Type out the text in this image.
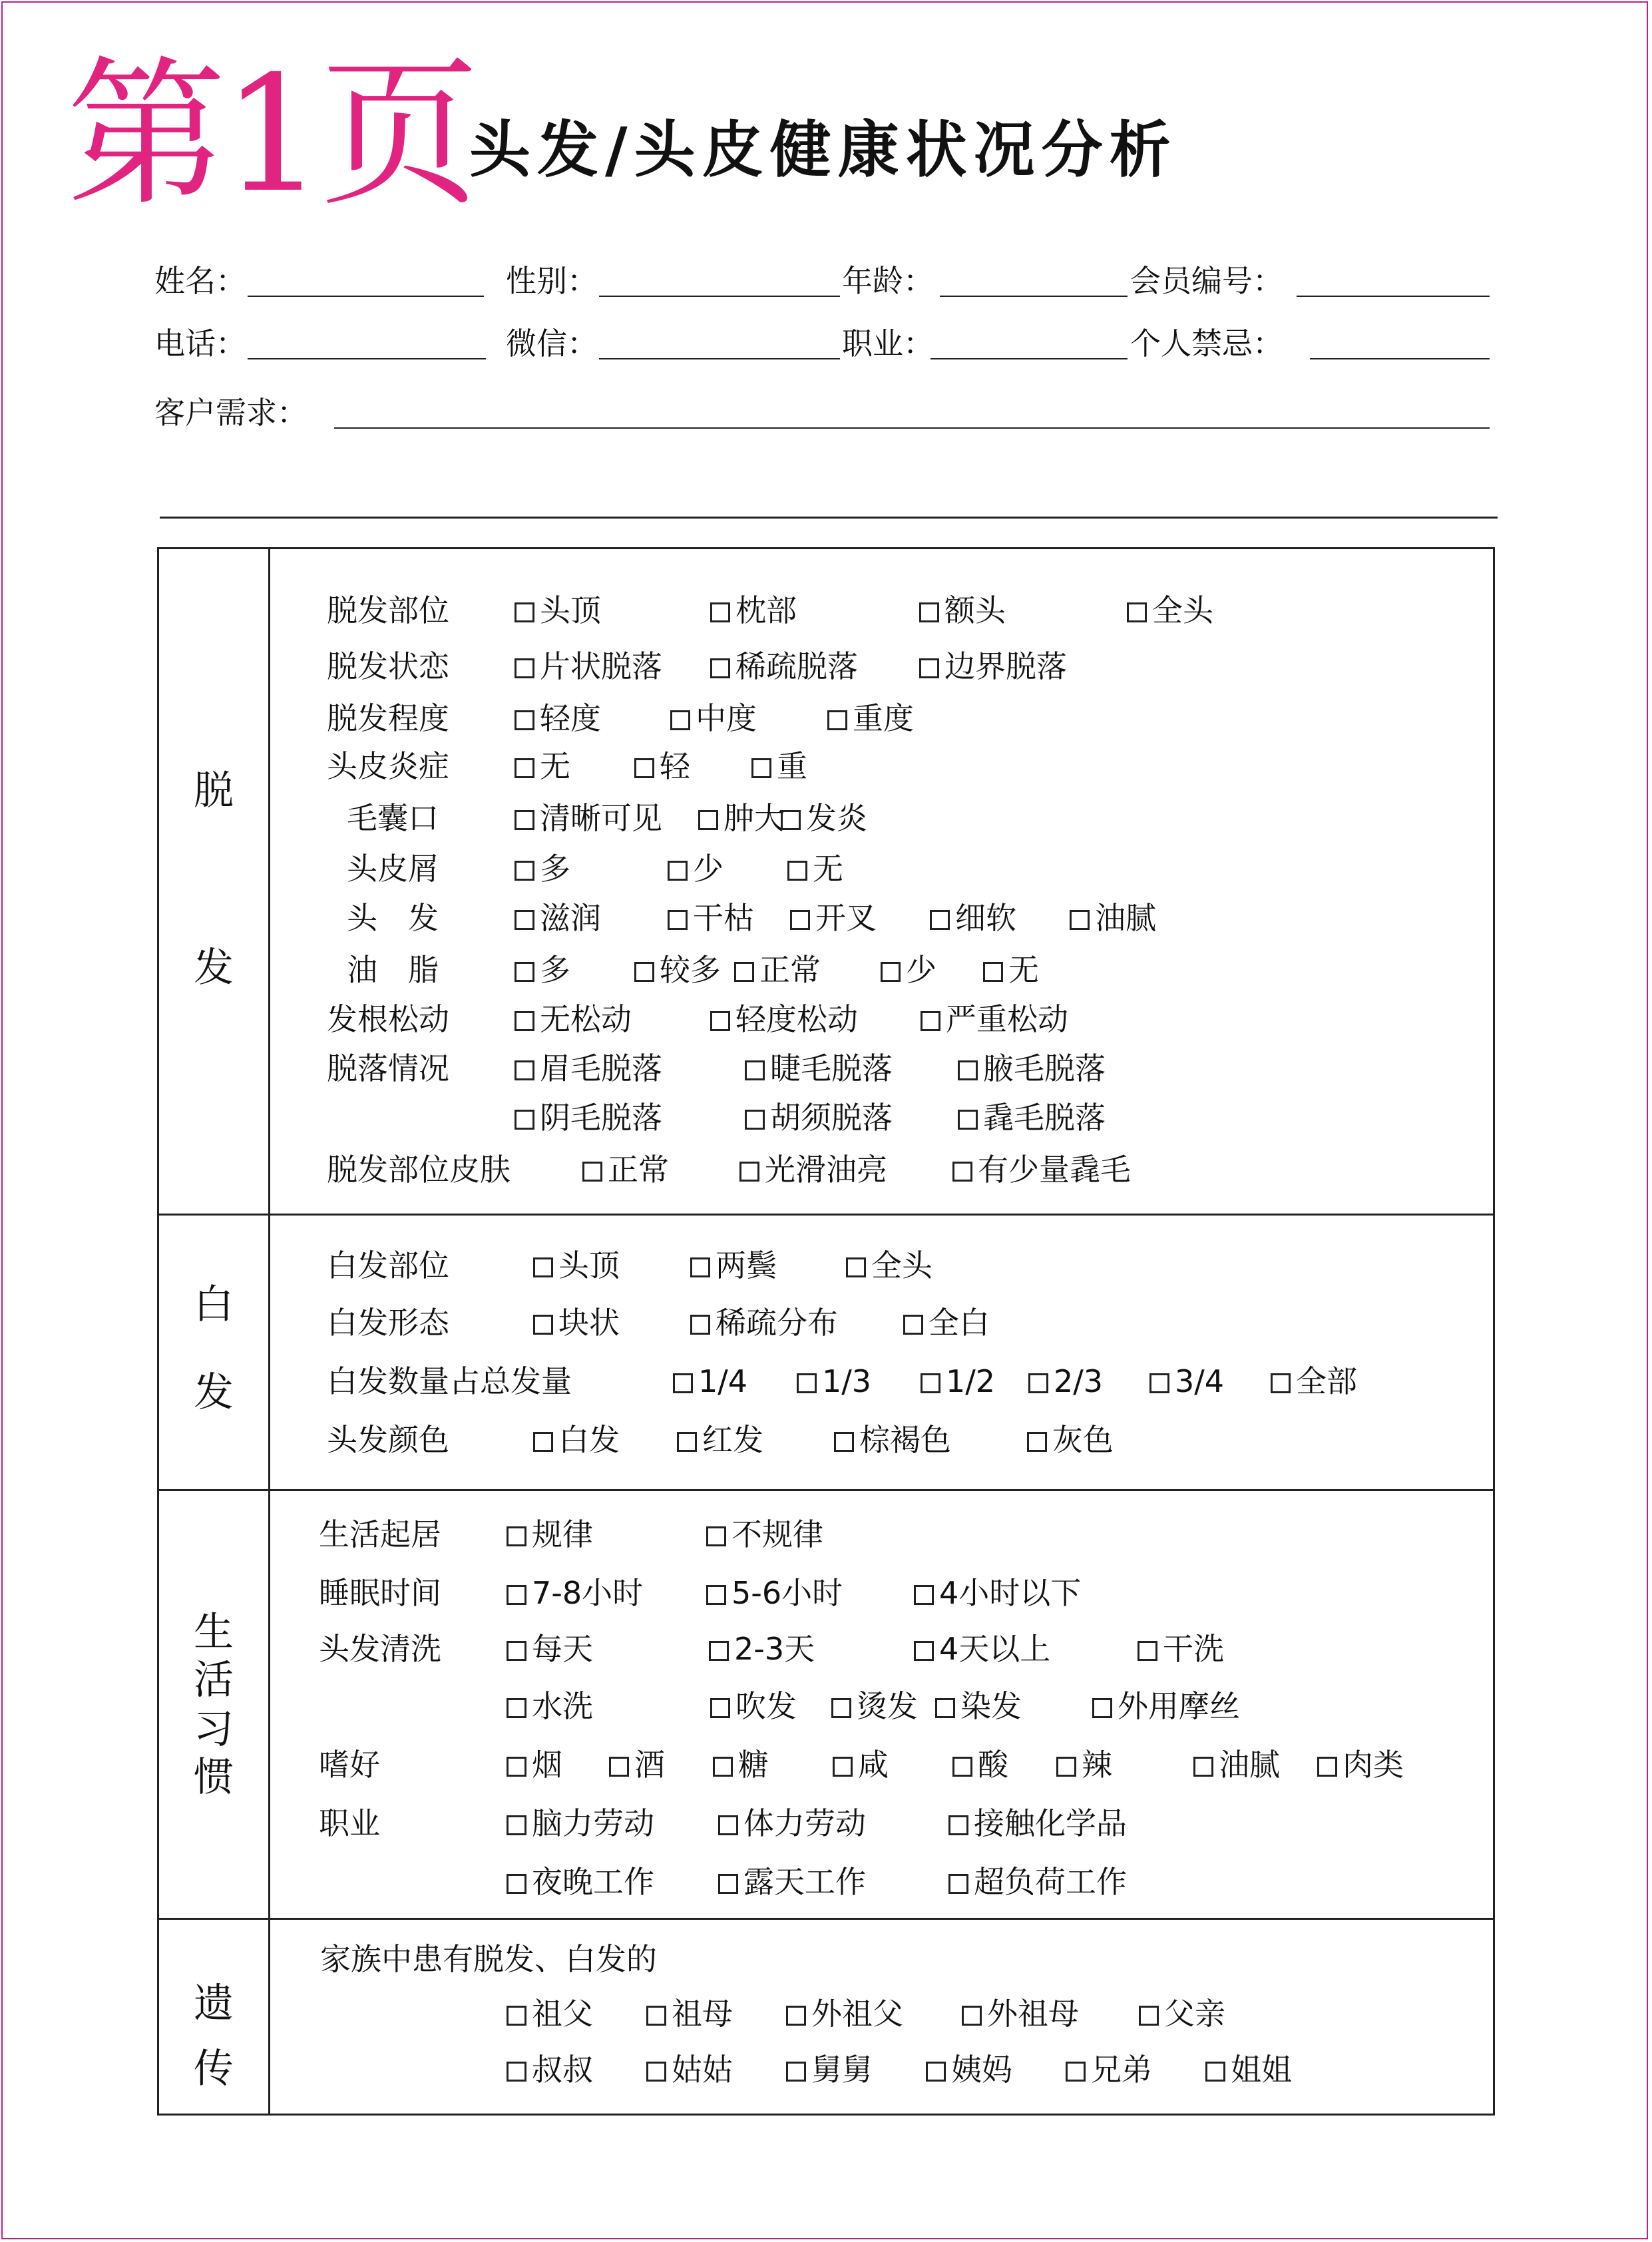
第1页
头发/头皮健康状况分析
姓名：	性别：	年龄：	会员编号：
电话：	微信：	职业：	个人禁忌：
客户需求：
脱
发
脱发部位	头顶	枕部	额头	全头
脱发状恋	片状脱落 稀疏脱落	边界脱落
脱发程度	轻度	中度	重度
头皮炎症	无	轻	重
毛囊口	清晰可见 肿大 发炎
头皮屑	多	少	无
头　发	滋润	干枯 开叉	细软	油腻
油　脂	多	较多 正常	少 无
发根松动	无松动	轻度松动	严重松动
脱落情况	眉毛脱落	睫毛脱落	腋毛脱落
阴毛脱落	胡须脱落	毳毛脱落
脱发部位皮肤	正常	光滑油亮	有少量毳毛
白
发
白发部位	头顶	两鬓	全头
白发形态	块状	稀疏分布	全白
白发数量占总发量	1/4 1/3 1/2 2/3 3/4 全部
头发颜色	白发	红发	棕褐色	灰色
生
活
习
惯
生活起居	规律	不规律
睡眠时间	7-8小时	5-6小时	4小时以下
头发清洗	每天	2-3天	4天以上	干洗
水洗	吹发 烫发 染发	外用摩丝
嗜好	烟 酒 糖	咸	酸 辣	油腻 肉类
职业	脑力劳动	体力劳动	接触化学品
夜晚工作	露天工作	超负荷工作
遗
传
家族中患有脱发、白发的
祖父	祖母	外祖父	外祖母	父亲
叔叔	姑姑	舅舅	姨妈	兄弟	姐姐
